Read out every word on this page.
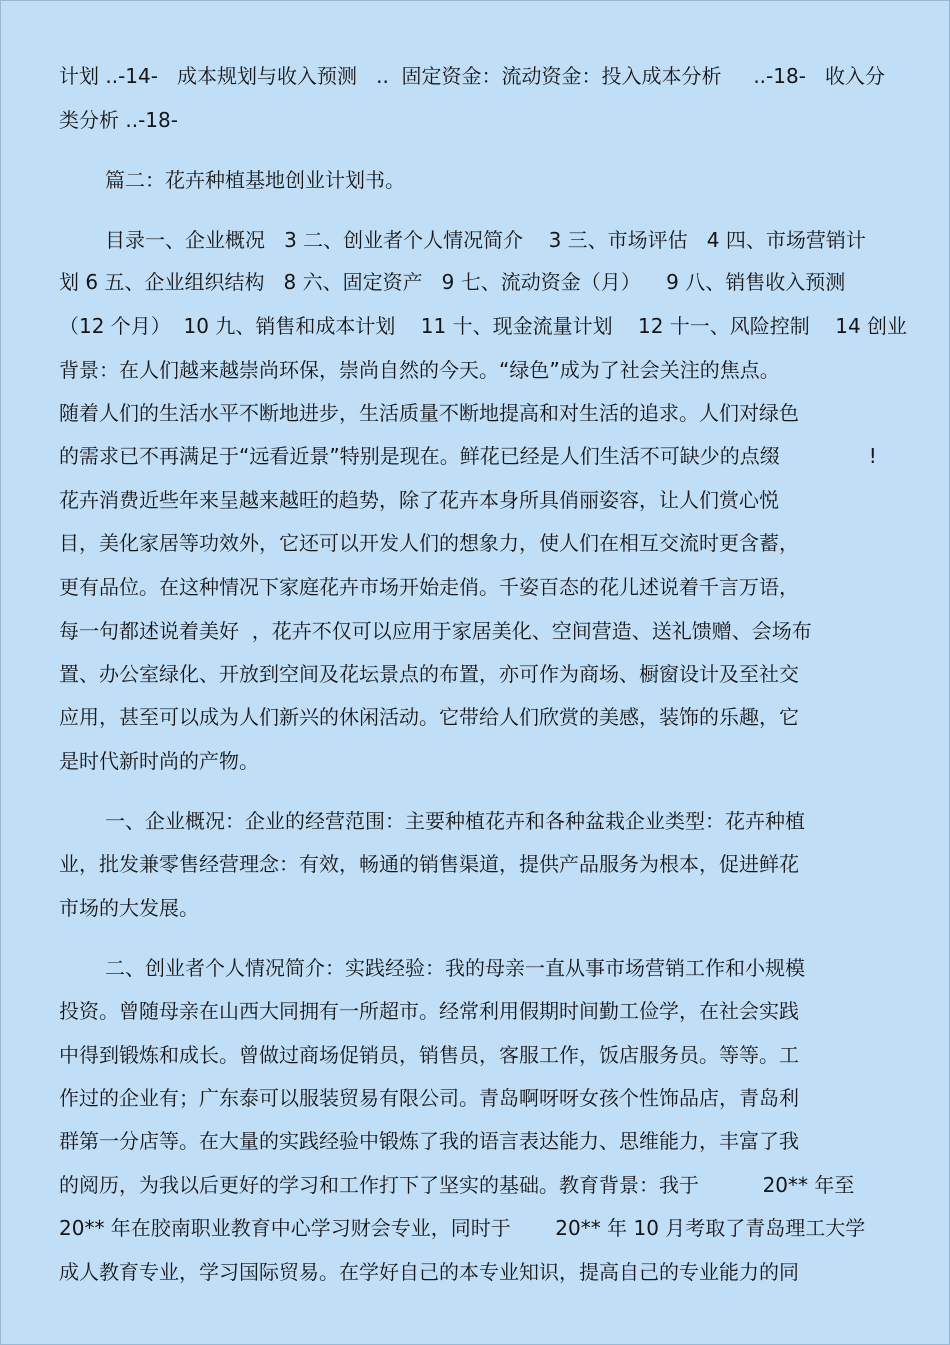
计划 ..-14-   成本规划与收入预测   ..  固定资金：流动资金：投入成本分析     ..-18-   收入分
类分析 ..-18-
篇二：花卉种植基地创业计划书。
目录一、企业概况   3 二、创业者个人情况简介    3 三、市场评估   4 四、市场营销计
划 6 五、企业组织结构   8 六、固定资产   9 七、流动资金（月）    9 八、销售收入预测
（12 个月）  10 九、销售和成本计划    11 十、现金流量计划    12 十一、风险控制    14 创业
背景：在人们越来越崇尚环保，崇尚自然的今天。“绿色”成为了社会关注的焦点。
随着人们的生活水平不断地进步，生活质量不断地提高和对生活的追求。人们对绿色
的需求已不再满足于“远看近景”特别是现在。鲜花已经是人们生活不可缺少的点缀              !
花卉消费近些年来呈越来越旺的趋势，除了花卉本身所具俏丽姿容，让人们赏心悦
目，美化家居等功效外，它还可以开发人们的想象力，使人们在相互交流时更含蓄，
更有品位。在这种情况下家庭花卉市场开始走俏。千姿百态的花儿述说着千言万语，
每一句都述说着美好  ，花卉不仅可以应用于家居美化、空间营造、送礼馈赠、会场布
置、办公室绿化、开放到空间及花坛景点的布置，亦可作为商场、橱窗设计及至社交
应用，甚至可以成为人们新兴的休闲活动。它带给人们欣赏的美感，装饰的乐趣，它
是时代新时尚的产物。
一、企业概况：企业的经营范围：主要种植花卉和各种盆栽企业类型：花卉种植
业，批发兼零售经营理念：有效，畅通的销售渠道，提供产品服务为根本，促进鲜花
市场的大发展。
二、创业者个人情况简介：实践经验：我的母亲一直从事市场营销工作和小规模
投资。曾随母亲在山西大同拥有一所超市。经常利用假期时间勤工俭学，在社会实践
中得到锻炼和成长。曾做过商场促销员，销售员，客服工作，饭店服务员。等等。工
作过的企业有；广东泰可以服装贸易有限公司。青岛啊呀呀女孩个性饰品店，青岛利
群第一分店等。在大量的实践经验中锻炼了我的语言表达能力、思维能力，丰富了我
的阅历，为我以后更好的学习和工作打下了坚实的基础。教育背景：我于          20** 年至
20** 年在胶南职业教育中心学习财会专业，同时于       20** 年 10 月考取了青岛理工大学
成人教育专业，学习国际贸易。在学好自己的本专业知识，提高自己的专业能力的同
